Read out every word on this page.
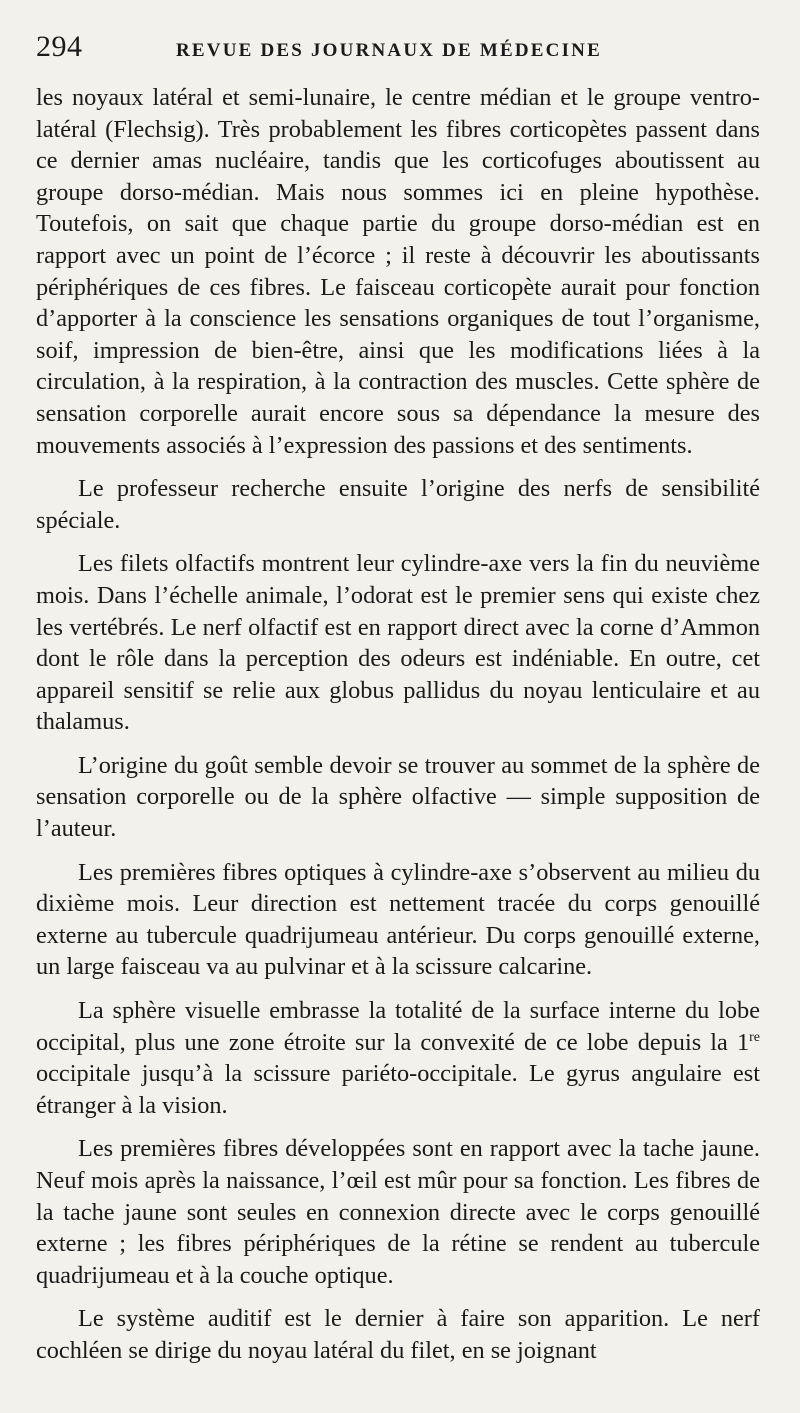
294	REVUE DES JOURNAUX DE MÉDECINE

les noyaux latéral et semi-lunaire, le centre médian et le groupe ventro-latéral (Flechsig). Très probablement les fibres corticopètes passent dans ce dernier amas nucléaire, tandis que les corticofuges aboutissent au groupe dorso-médian. Mais nous sommes ici en pleine hypothèse. Toutefois, on sait que chaque partie du groupe dorso-médian est en rapport avec un point de l’écorce ; il reste à découvrir les aboutissants périphériques de ces fibres. Le faisceau corticopète aurait pour fonction d’apporter à la conscience les sensations organiques de tout l’organisme, soif, impression de bien-être, ainsi que les modifications liées à la circulation, à la respiration, à la contraction des muscles. Cette sphère de sensation corporelle aurait encore sous sa dépendance la mesure des mouvements associés à l’expression des passions et des sentiments.

Le professeur recherche ensuite l’origine des nerfs de sensibilité spéciale.

Les filets olfactifs montrent leur cylindre-axe vers la fin du neuvième mois. Dans l’échelle animale, l’odorat est le premier sens qui existe chez les vertébrés. Le nerf olfactif est en rapport direct avec la corne d’Ammon dont le rôle dans la perception des odeurs est indéniable. En outre, cet appareil sensitif se relie aux globus pallidus du noyau lenticulaire et au thalamus.

L’origine du goût semble devoir se trouver au sommet de la sphère de sensation corporelle ou de la sphère olfactive — simple supposition de l’auteur.

Les premières fibres optiques à cylindre-axe s’observent au milieu du dixième mois. Leur direction est nettement tracée du corps genouillé externe au tubercule quadrijumeau antérieur. Du corps genouillé externe, un large faisceau va au pulvinar et à la scissure calcarine.

La sphère visuelle embrasse la totalité de la surface interne du lobe occipital, plus une zone étroite sur la convexité de ce lobe depuis la 1re occipitale jusqu’à la scissure pariéto-occipitale. Le gyrus angulaire est étranger à la vision.

Les premières fibres développées sont en rapport avec la tache jaune. Neuf mois après la naissance, l’œil est mûr pour sa fonction. Les fibres de la tache jaune sont seules en connexion directe avec le corps genouillé externe ; les fibres périphériques de la rétine se rendent au tubercule quadrijumeau et à la couche optique.

Le système auditif est le dernier à faire son apparition. Le nerf cochléen se dirige du noyau latéral du filet, en se joignant
